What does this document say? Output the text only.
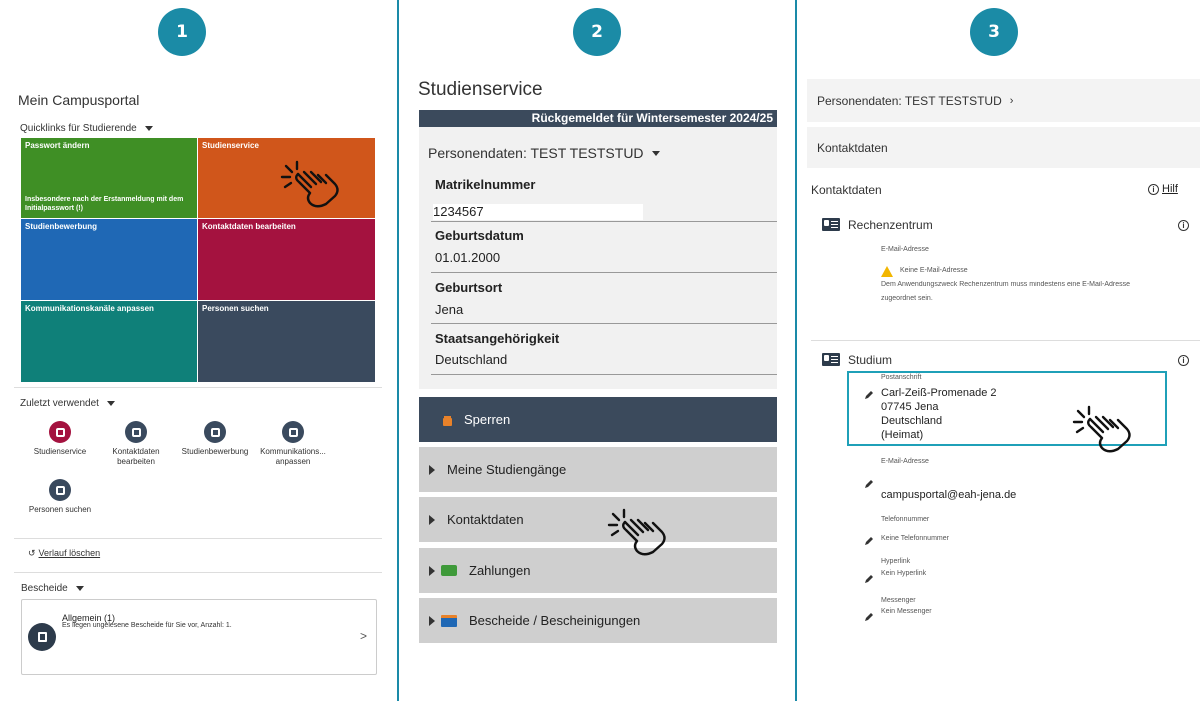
1	2	3
Mein Campusportal
Quicklinks für Studierende
Passwort ändern
Insbesondere nach der Erstanmeldung mit dem Initialpasswort (!)
Studienservice
Studienbewerbung	Kontaktdaten bearbeiten
Kommunikationskanäle anpassen	Personen suchen
Zuletzt verwendet
Studienservice	Kontaktdaten bearbeiten
Studienbewerbung	Kommunikations... anpassen
Personen suchen
↺ Verlauf löschen
Bescheide
Allgemein (1)
Es liegen ungelesene Bescheide für Sie vor, Anzahl: 1.
>
Studienservice
Rückgemeldet für Wintersemester 2024/25
Personendaten: TEST TESTSTUD
Matrikelnummer
1234567
Geburtsdatum
01.01.2000
Geburtsort
Jena
Staatsangehörigkeit
Deutschland
Sperren
Meine Studiengänge
Kontaktdaten
Zahlungen
Bescheide / Bescheinigungen
Personendaten: TEST TESTSTUD ›
Kontaktdaten
Kontaktdaten	i Hilf
Rechenzentrum	i
E-Mail-Adresse
Keine E-Mail-Adresse
Dem Anwendungszweck Rechenzentrum muss mindestens eine E-Mail-Adresse
zugeordnet sein.
Studium	i
Postanschrift
Carl-Zeiß-Promenade 2
07745 Jena
Deutschland
(Heimat)
E-Mail-Adresse
campusportal@eah-jena.de
Telefonnummer
Keine Telefonnummer
Hyperlink
Kein Hyperlink
Messenger
Kein Messenger
